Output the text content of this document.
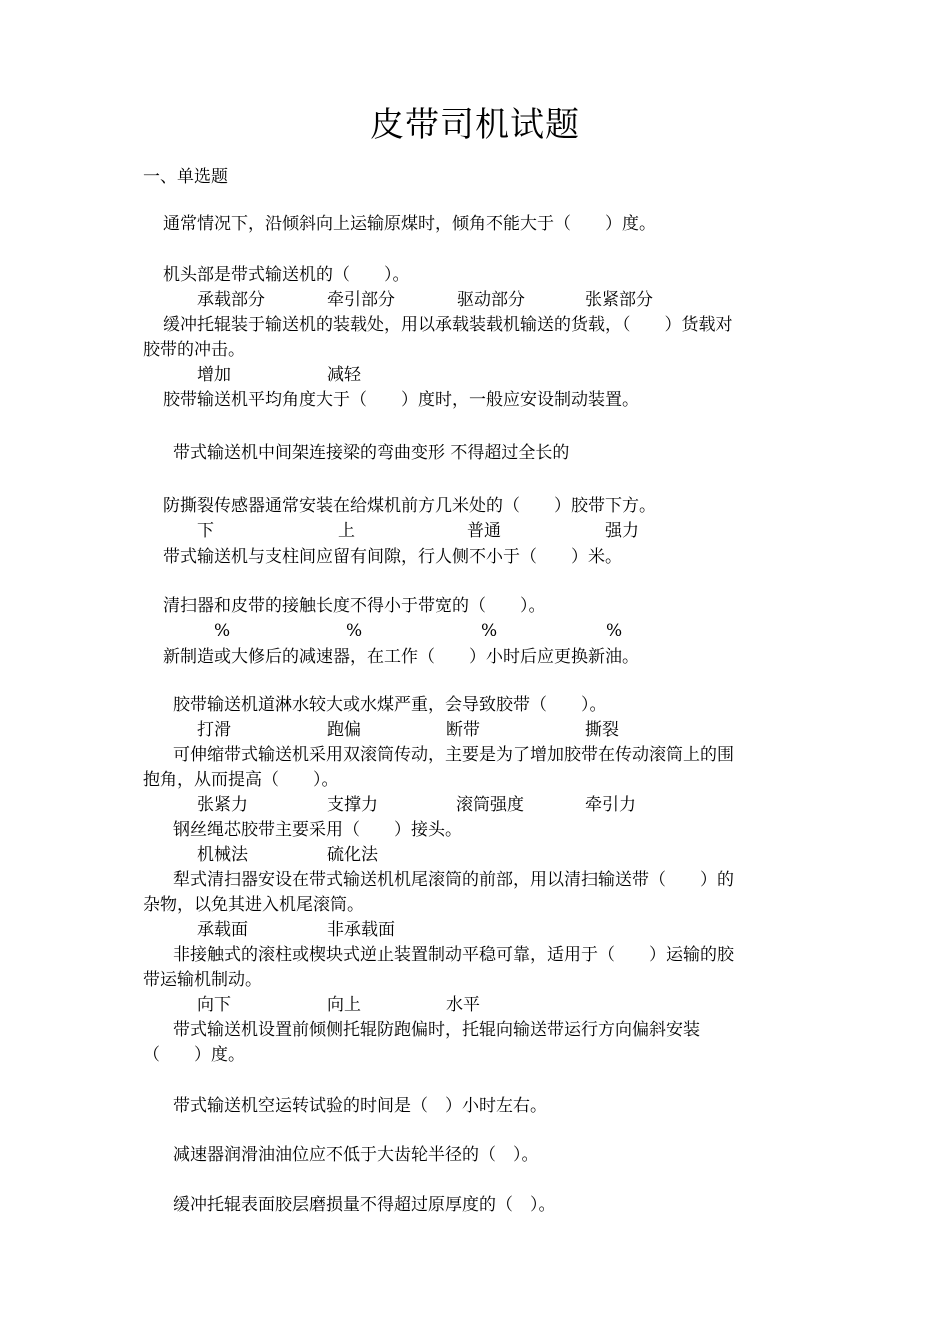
皮带司机试题
一、单选题
通常情况下，沿倾斜向上运输原煤时，倾角不能大于（　　）度。
机头部是带式输送机的（　　）。
承载部分	牵引部分	驱动部分	张紧部分
缓冲托辊装于输送机的装载处，用以承载装载机输送的货载，（　　）货载对
胶带的冲击。
增加	减轻
胶带输送机平均角度大于（　　）度时，一般应安设制动装置。
带式输送机中间架连接梁的弯曲变形 不得超过全长的
防撕裂传感器通常安装在给煤机前方几米处的（　　）胶带下方。
下	上	普通	强力
带式输送机与支柱间应留有间隙，行人侧不小于（　　）米。
清扫器和皮带的接触长度不得小于带宽的（　　）。
%	%	%	%
新制造或大修后的减速器，在工作（　　）小时后应更换新油。
胶带输送机道淋水较大或水煤严重，会导致胶带（　　）。
打滑	跑偏	断带	撕裂
可伸缩带式输送机采用双滚筒传动，主要是为了增加胶带在传动滚筒上的围
抱角，从而提高（　　）。
张紧力	支撑力	滚筒强度	牵引力
钢丝绳芯胶带主要采用（　　）接头。
机械法	硫化法
犁式清扫器安设在带式输送机机尾滚筒的前部，用以清扫输送带（　　）的
杂物，以免其进入机尾滚筒。
承载面	非承载面
非接触式的滚柱或楔块式逆止装置制动平稳可靠，适用于（　　）运输的胶
带运输机制动。
向下	向上	水平
带式输送机设置前倾侧托辊防跑偏时，托辊向输送带运行方向偏斜安装
（　　）度。
带式输送机空运转试验的时间是（　）小时左右。
减速器润滑油油位应不低于大齿轮半径的（　）。
缓冲托辊表面胶层磨损量不得超过原厚度的（　）。
